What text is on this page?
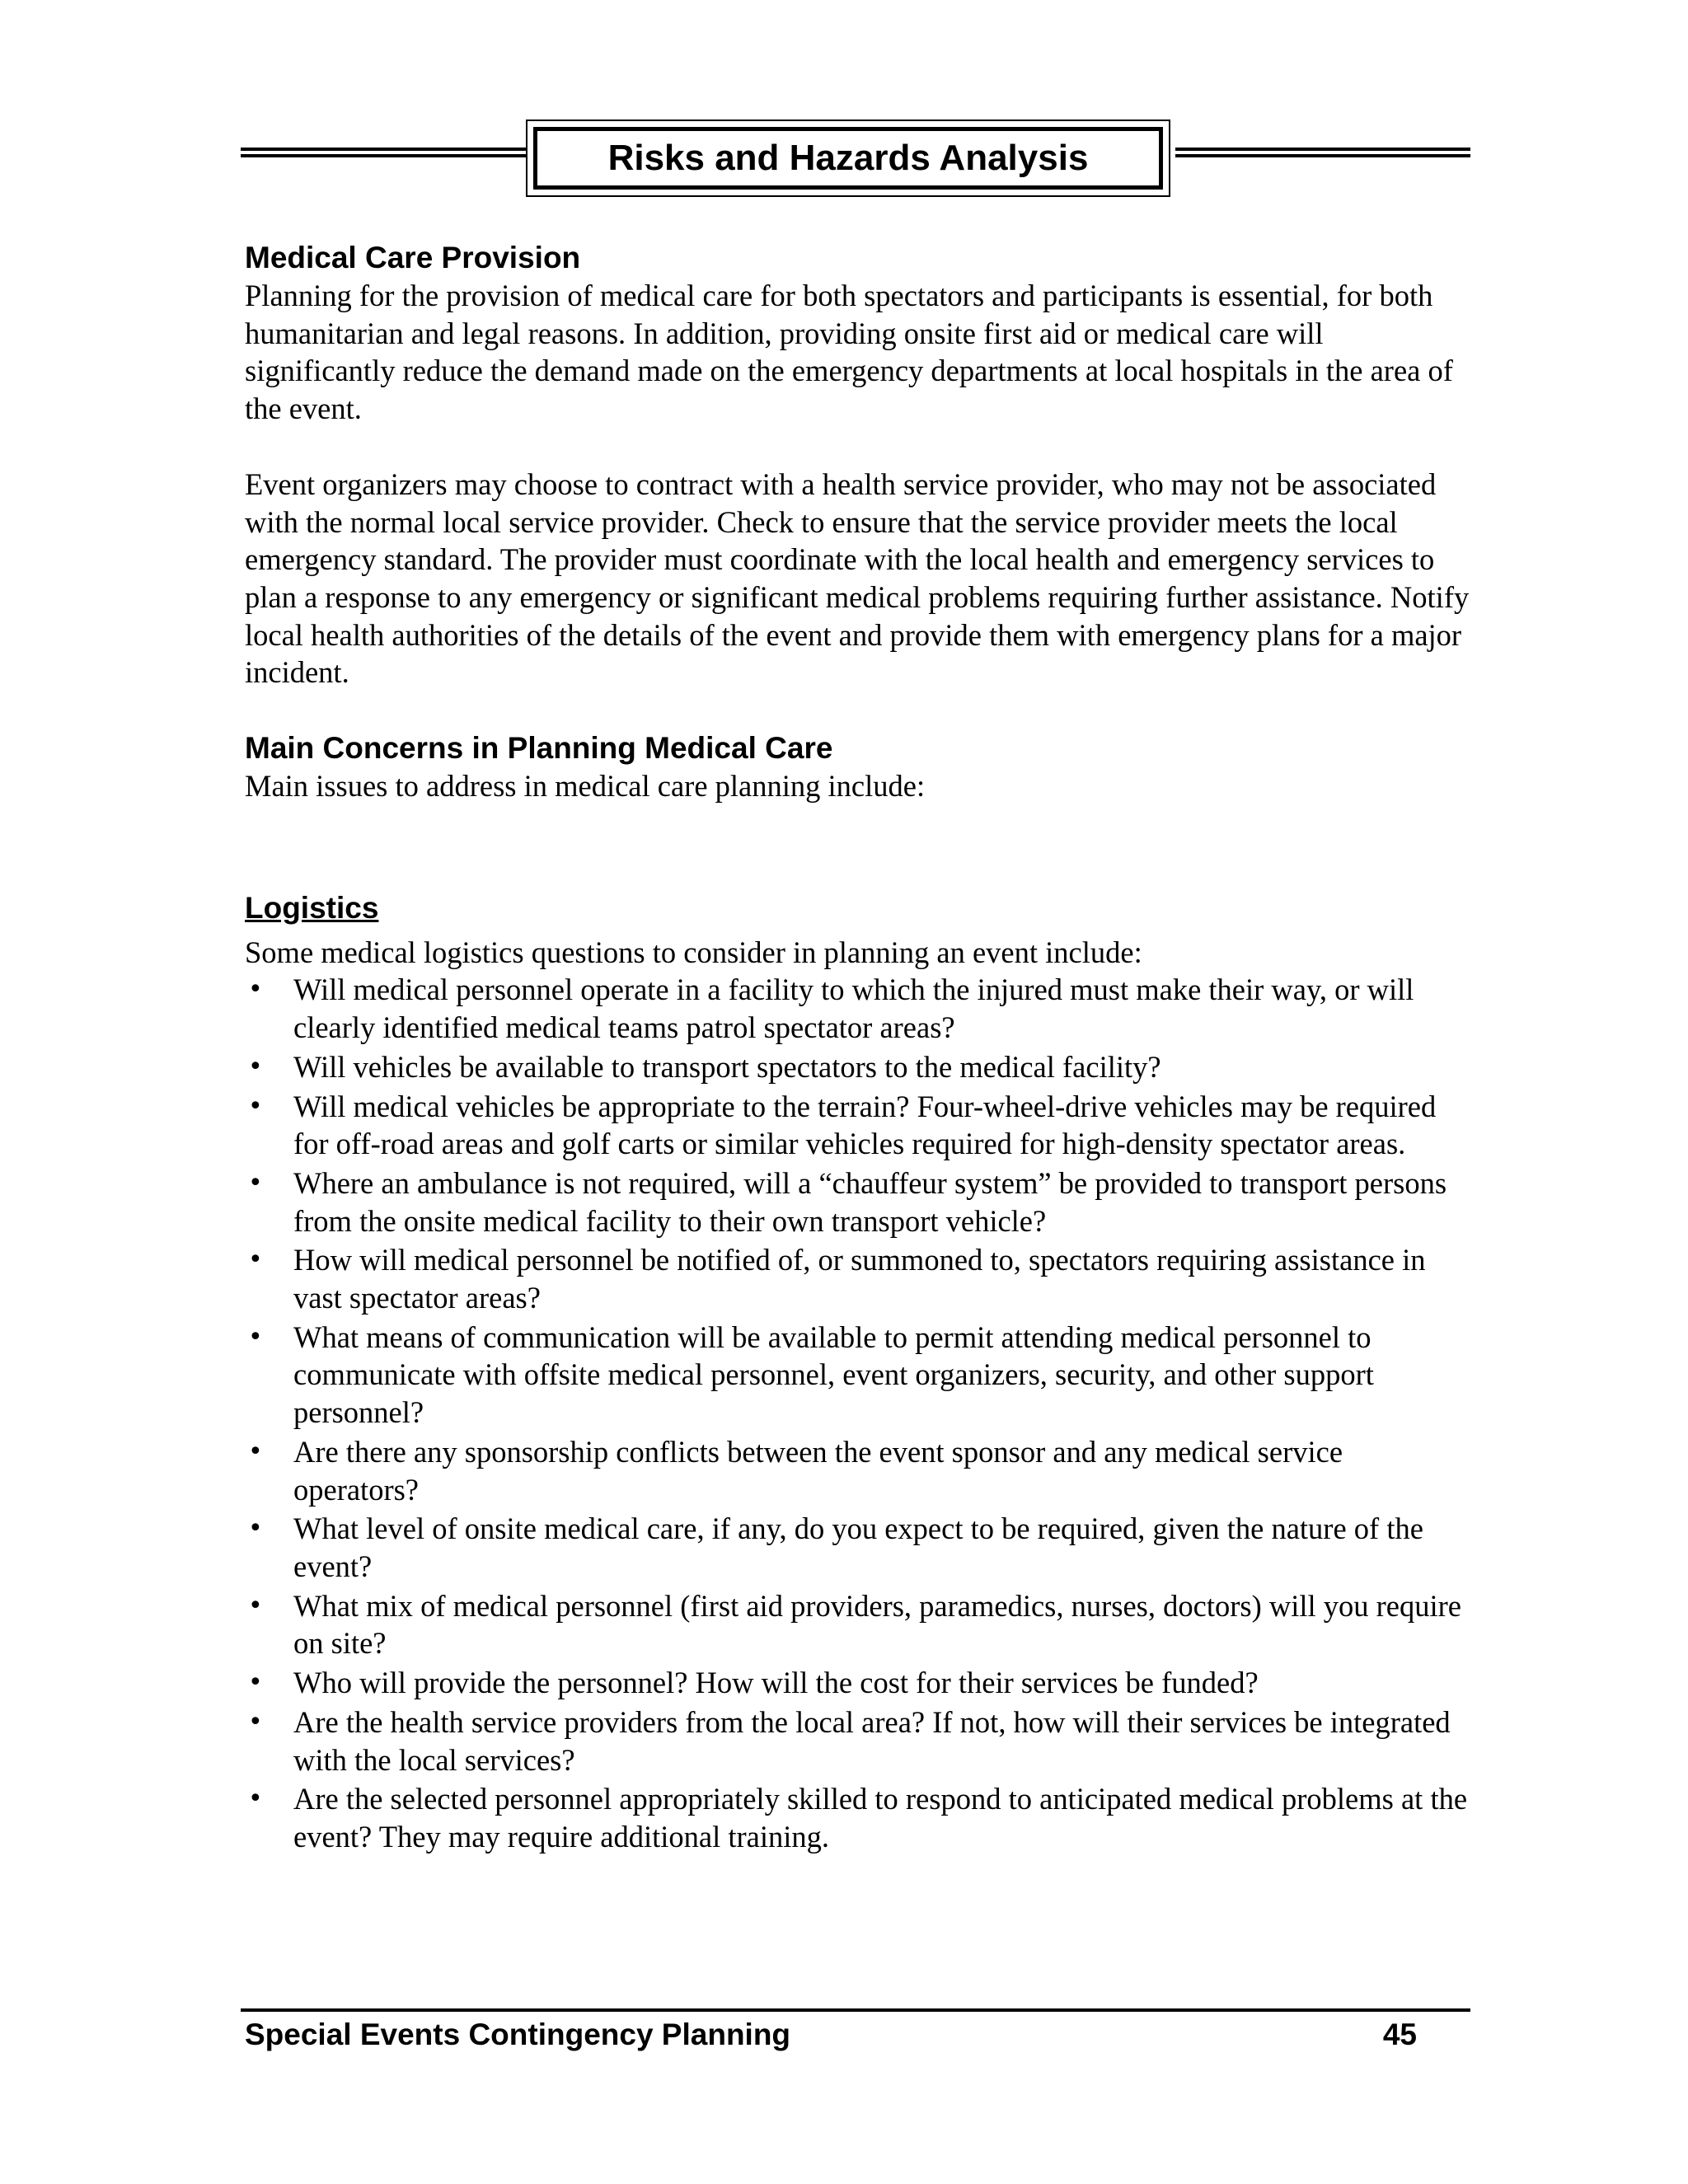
Risks and Hazards Analysis
Medical Care Provision

Planning for the provision of medical care for both spectators and participants is essential, for both humanitarian and legal reasons. In addition, providing onsite first aid or medical care will significantly reduce the demand made on the emergency departments at local hospitals in the area of the event.

Event organizers may choose to contract with a health service provider, who may not be associated with the normal local service provider. Check to ensure that the service provider meets the local emergency standard. The provider must coordinate with the local health and emergency services to plan a response to any emergency or significant medical problems requiring further assistance. Notify local health authorities of the details of the event and provide them with emergency plans for a major incident.

Main Concerns in Planning Medical Care

Main issues to address in medical care planning include:

Logistics

Some medical logistics questions to consider in planning an event include:

• Will medical personnel operate in a facility to which the injured must make their way, or will clearly identified medical teams patrol spectator areas?
• Will vehicles be available to transport spectators to the medical facility?
• Will medical vehicles be appropriate to the terrain? Four-wheel-drive vehicles may be required for off-road areas and golf carts or similar vehicles required for high-density spectator areas.
• Where an ambulance is not required, will a “chauffeur system” be provided to transport persons from the onsite medical facility to their own transport vehicle?
• How will medical personnel be notified of, or summoned to, spectators requiring assistance in vast spectator areas?
• What means of communication will be available to permit attending medical personnel to communicate with offsite medical personnel, event organizers, security, and other support personnel?
• Are there any sponsorship conflicts between the event sponsor and any medical service operators?
• What level of onsite medical care, if any, do you expect to be required, given the nature of the event?
• What mix of medical personnel (first aid providers, paramedics, nurses, doctors) will you require on site?
• Who will provide the personnel? How will the cost for their services be funded?
• Are the health service providers from the local area? If not, how will their services be integrated with the local services?
• Are the selected personnel appropriately skilled to respond to anticipated medical problems at the event? They may require additional training.
Special Events Contingency Planning	45
